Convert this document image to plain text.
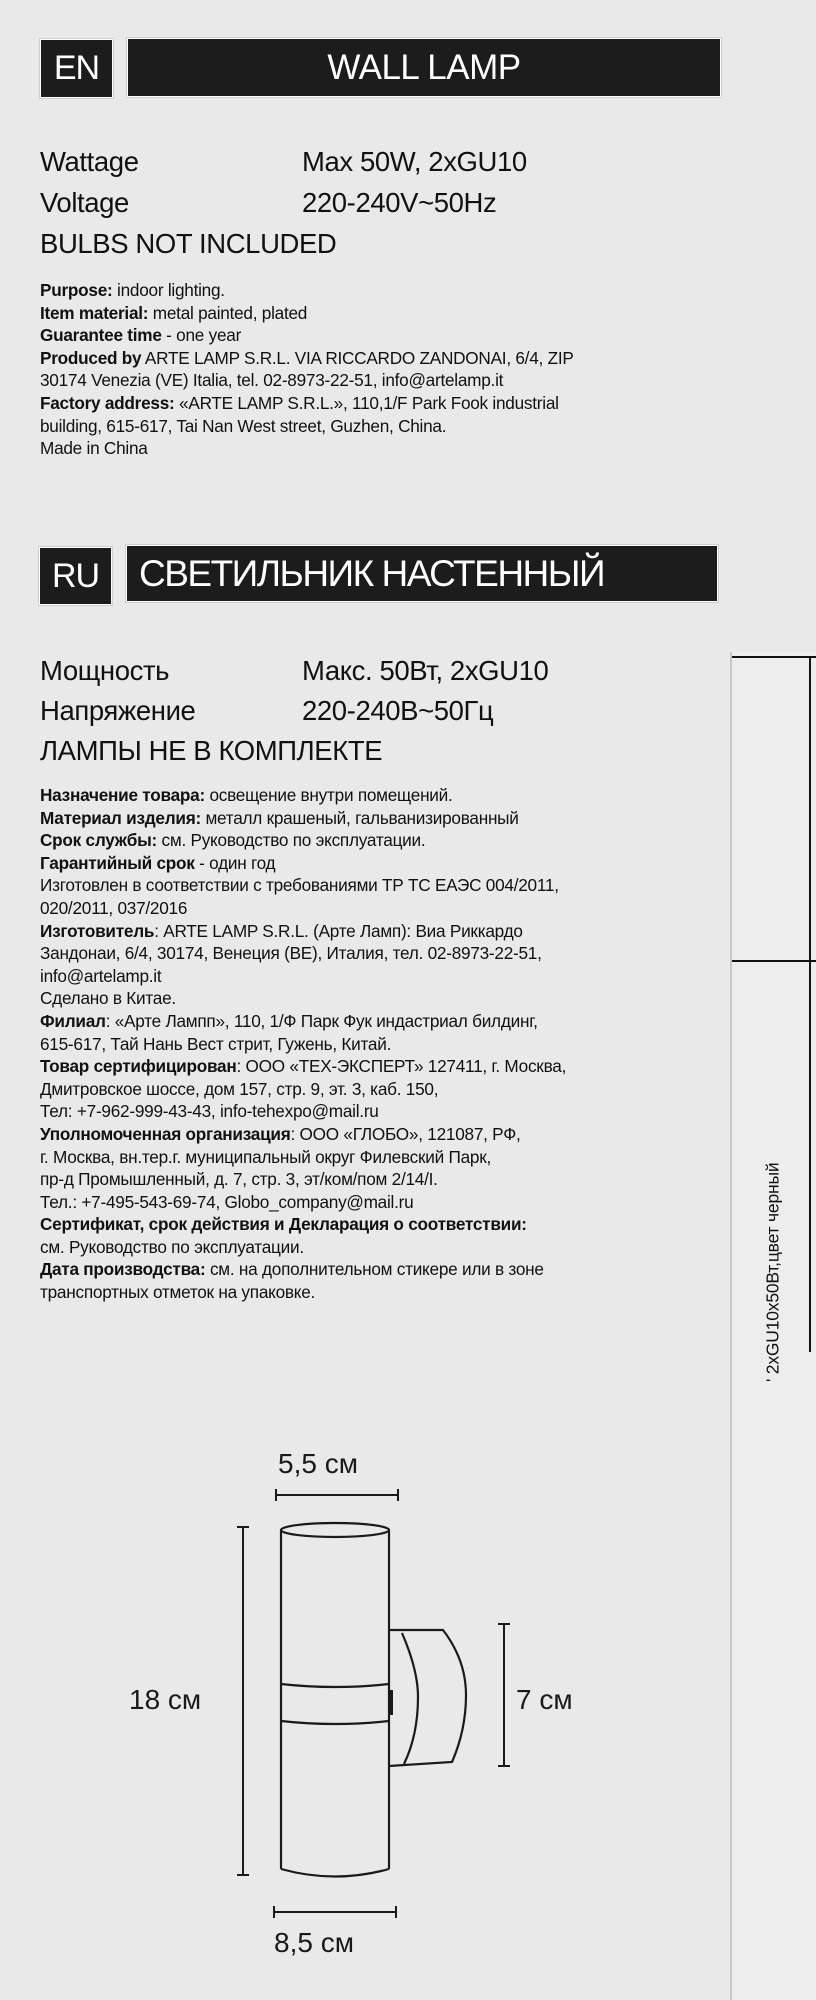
EN	WALL LAMP
Wattage	Max 50W, 2xGU10
Voltage	220-240V~50Hz
BULBS NOT INCLUDED
Purpose: indoor lighting.
Item material: metal painted, plated
Guarantee time - one year
Produced by ARTE LAMP S.R.L. VIA RICCARDO ZANDONAI, 6/4, ZIP
30174 Venezia (VE) Italia, tel. 02-8973-22-51, info@artelamp.it
Factory address: «ARTE LAMP S.R.L.», 110,1/F Park Fook industrial
building, 615-617, Tai Nan West street, Guzhen, China.
Made in China
RU СВЕТИЛЬНИК НАСТЕННЫЙ
' 2xGU10x50Вт,цвет черный
Мощность	Макс. 50Вт, 2xGU10
Напряжение	220-240В~50Гц
ЛАМПЫ НЕ В КОМПЛЕКТЕ
Назначение товара: освещение внутри помещений.
Материал изделия: металл крашеный, гальванизированный
Срок службы: см. Руководство по эксплуатации.
Гарантийный срок - один год
Изготовлен в соответствии с требованиями ТР ТС ЕАЭС 004/2011,
020/2011, 037/2016
Изготовитель: ARTE LAMP S.R.L. (Арте Ламп): Виа Риккардо
Зандонаи, 6/4, 30174, Венеция (ВЕ), Италия, тел. 02-8973-22-51,
info@artelamp.it
Сделано в Китае.
Филиал: «Арте Лампп», 110, 1/Ф Парк Фук индастриал билдинг,
615-617, Тай Нань Вест стрит, Гужень, Китай.
Товар сертифицирован: ООО «ТЕХ-ЭКСПЕРТ» 127411, г. Москва,
Дмитровское шоссе, дом 157, стр. 9, эт. 3, каб. 150,
Тел: +7-962-999-43-43, info-tehexpo@mail.ru
Уполномоченная организация: ООО «ГЛОБО», 121087, РФ,
г. Москва, вн.тер.г. муниципальный округ Филевский Парк,
пр-д Промышленный, д. 7, стр. 3, эт/ком/пом 2/14/I.
Тел.: +7-495-543-69-74, Globo_company@mail.ru
Сертификат, срок действия и Декларация о соответствии:
см. Руководство по эксплуатации.
Дата производства: см. на дополнительном стикере или в зоне
транспортных отметок на упаковке.
5,5 см
18 см	7 см
8,5 см
